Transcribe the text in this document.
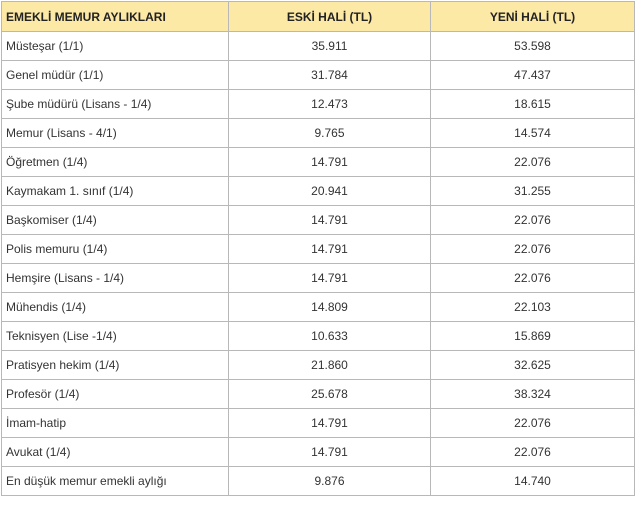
EMEKLİ MEMUR AYLIKLARI	ESKİ HALİ (TL)	YENİ HALİ (TL)
Müsteşar (1/1)	35.911	53.598
Genel müdür (1/1)	31.784	47.437
Şube müdürü (Lisans - 1/4)	12.473	18.615
Memur (Lisans - 4/1)	9.765	14.574
Öğretmen (1/4)	14.791	22.076
Kaymakam 1. sınıf (1/4)	20.941	31.255
Başkomiser (1/4)	14.791	22.076
Polis memuru (1/4)	14.791	22.076
Hemşire (Lisans - 1/4)	14.791	22.076
Mühendis (1/4)	14.809	22.103
Teknisyen (Lise -1/4)	10.633	15.869
Pratisyen hekim (1/4)	21.860	32.625
Profesör (1/4)	25.678	38.324
İmam-hatip	14.791	22.076
Avukat (1/4)	14.791	22.076
En düşük memur emekli aylığı	9.876	14.740
